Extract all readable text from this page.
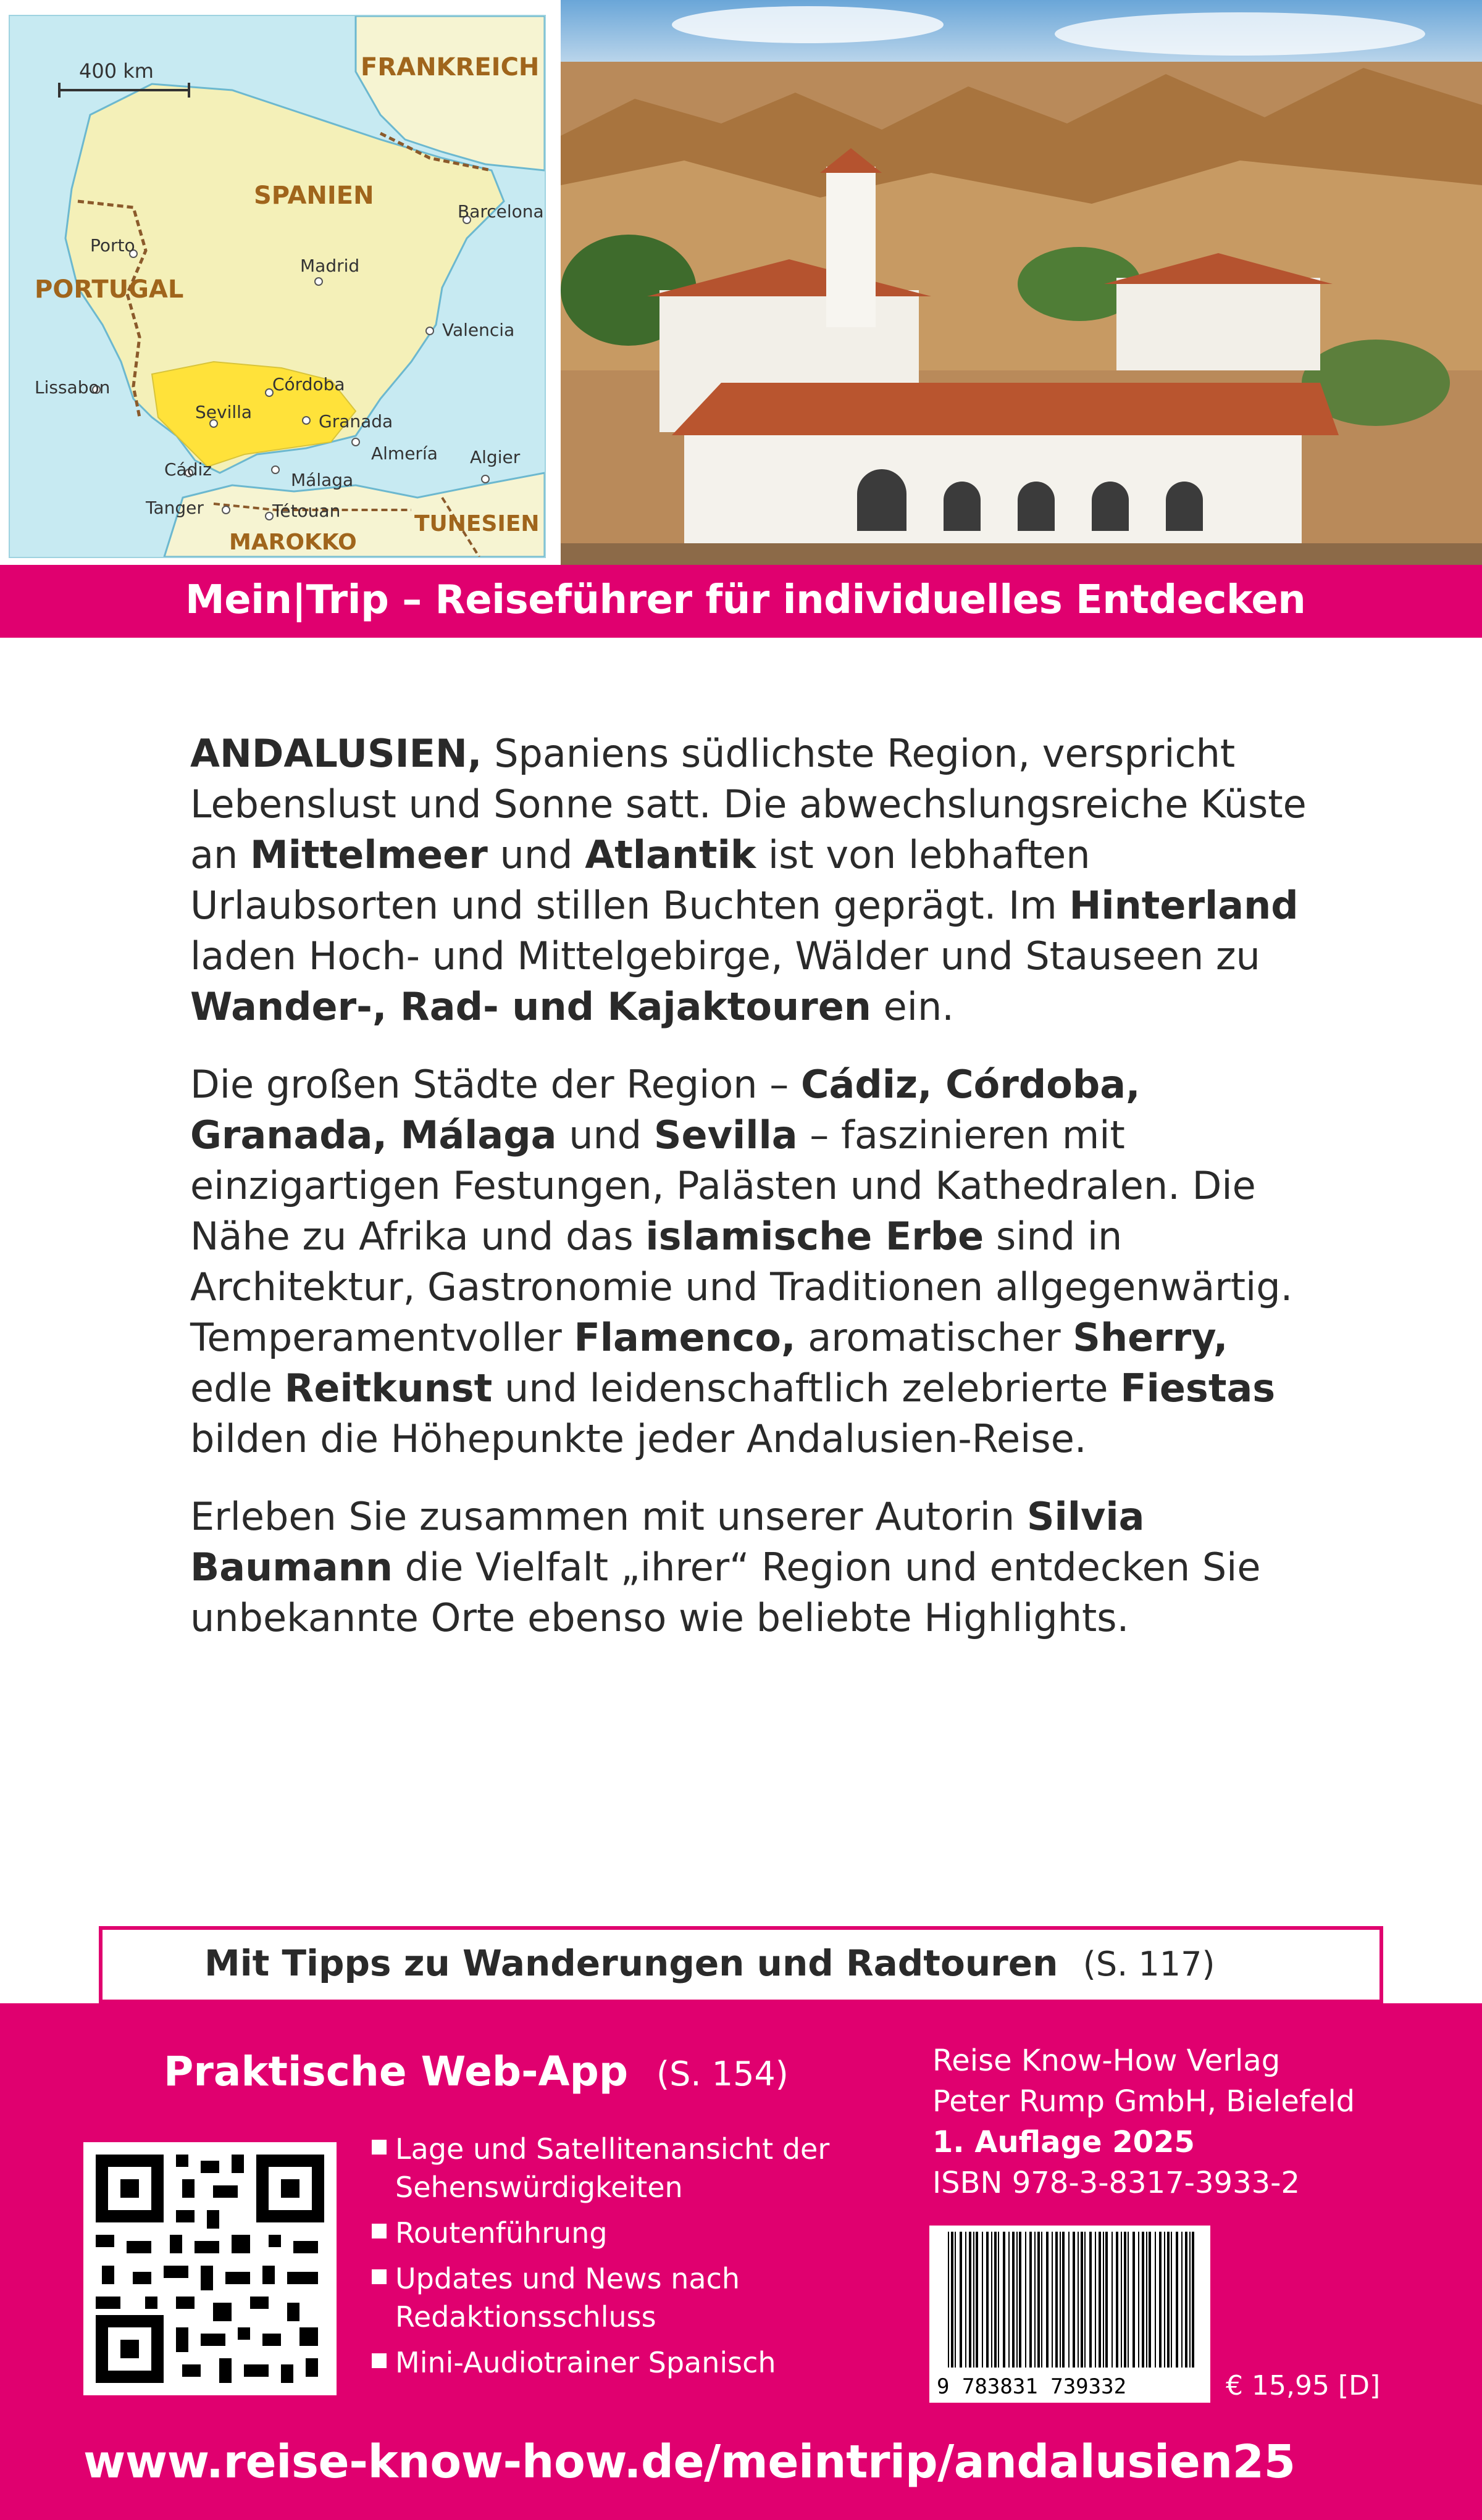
400 km	FRANKREICH
SPANIEN
PORTUGAL
MAROKKO
TUNESIEN
Porto
Madrid
Barcelona
Valencia
Lissabon	Córdoba
Sevilla	Granada
Almería Algier
Cádiz
Málaga
Tanger	Tétouan
Mein|Trip – Reiseführer für individuelles Entdecken

ANDALUSIEN, Spaniens südlichste Region, verspricht Lebenslust und Sonne satt. Die abwechslungsreiche Küste an Mittelmeer und Atlantik ist von lebhaften Urlaubsorten und stillen Buchten geprägt. Im Hinterland laden Hoch- und Mittelgebirge, Wälder und Stauseen zu Wander-, Rad- und Kajaktouren ein.

Die großen Städte der Region – Cádiz, Córdoba, Granada, Málaga und Sevilla – faszinieren mit einzigartigen Festungen, Palästen und Kathedralen. Die Nähe zu Afrika und das islamische Erbe sind in Architektur, Gastronomie und Traditionen allgegenwärtig. Temperamentvoller Flamenco, aromatischer Sherry, edle Reitkunst und leidenschaftlich zelebrierte Fiestas bilden die Höhepunkte jeder Andalusien-Reise.

Erleben Sie zusammen mit unserer Autorin Silvia Baumann die Vielfalt „ihrer“ Region und entdecken Sie unbekannte Orte ebenso wie beliebte Highlights.

Mit Tipps zu Wanderungen und Radtouren (S. 117)
Praktische Web-App (S. 154)
Lage und Satellitenansicht der Sehenswürdigkeiten
Routenführung
Updates und News nach Redaktionsschluss
Mini-Audiotrainer Spanisch
Reise Know-How Verlag
Peter Rump GmbH, Bielefeld
1. Auflage 2025
ISBN 978-3-8317-3933-2
9 783831 739332	€ 15,95 [D]
www.reise-know-how.de/meintrip/andalusien25
